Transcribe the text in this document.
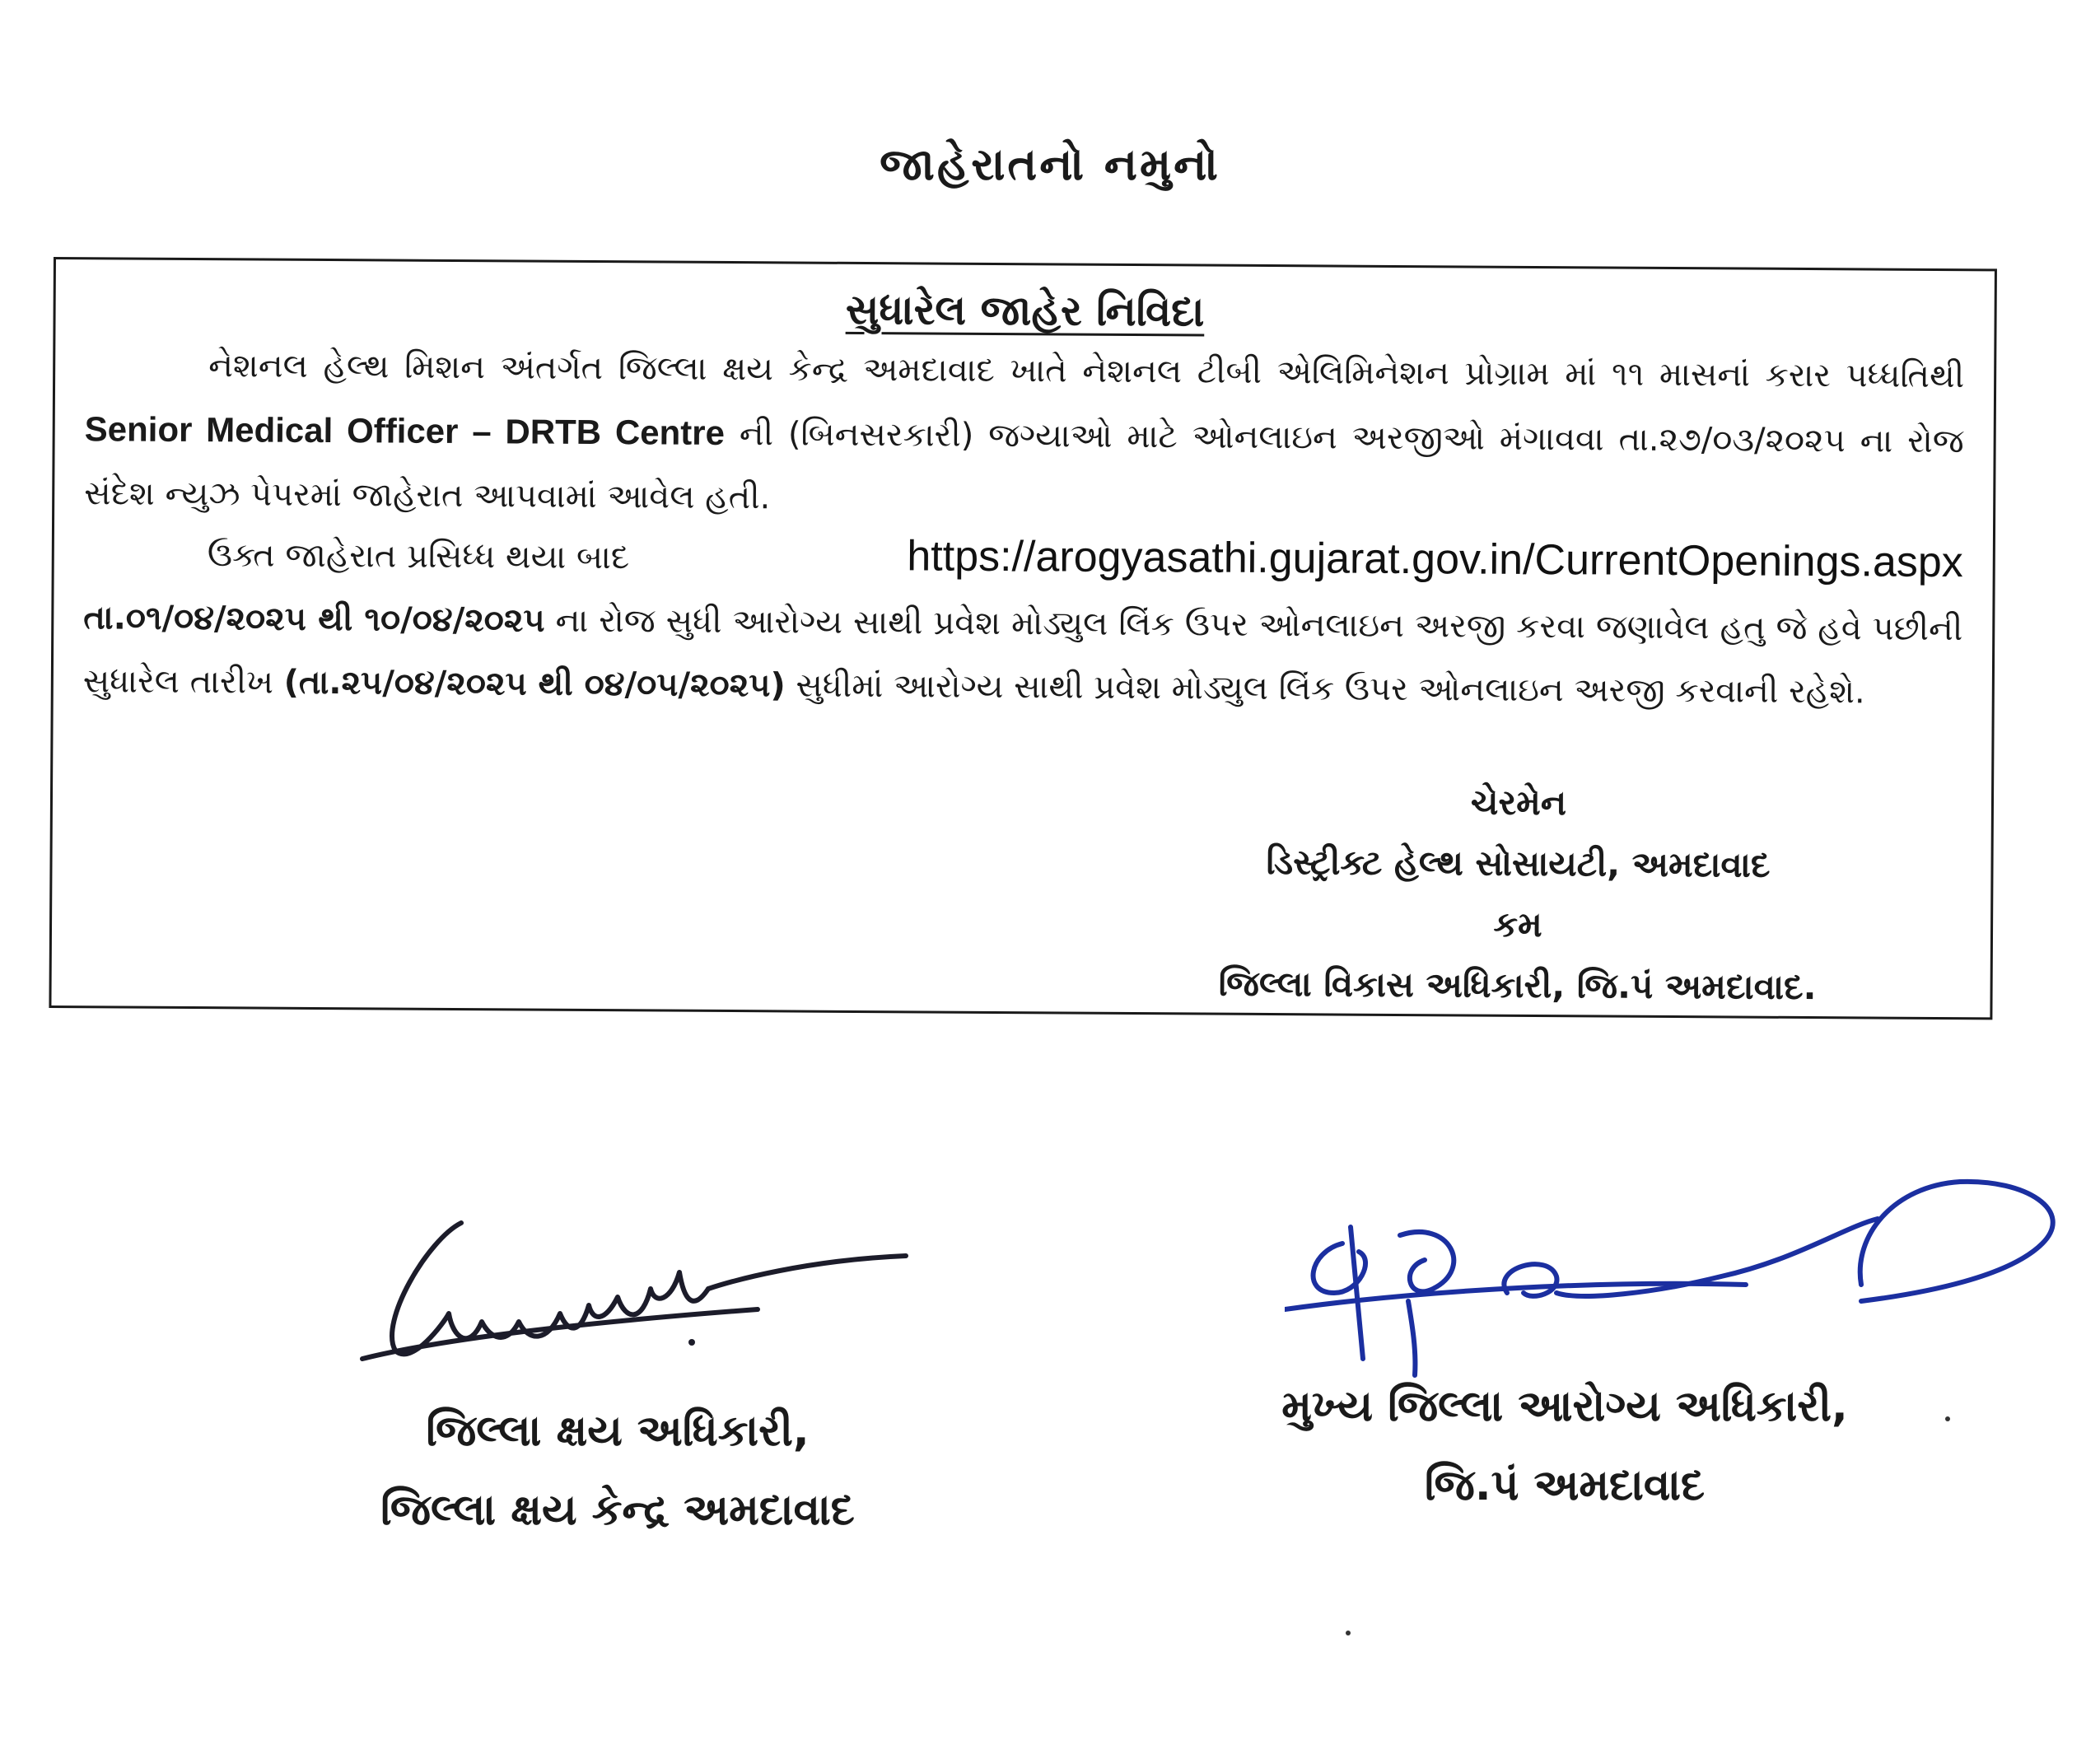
જાહેરાતનો નમુનો
સુધારેલ જાહેર નિવિદા
નેશનલ હેલ્થ મિશન અંતર્ગત જિલ્લા ક્ષય કેન્દ્ર અમદાવાદ ખાતે નેશનલ ટીબી એલિમિનેશન પ્રોગ્રામ માં ૧૧ માસનાં કરાર પધ્ધતિથી Senior Medical Officer – DRTB Centre ની (બિનસરકારી) જગ્યાઓ માટે ઓનલાઇન અરજીઓ મંગાવવા તા.૨૭/૦૩/૨૦૨૫ ના રોજ સંદેશ ન્યુઝ પેપરમાં જાહેરાત આપવામાં આવેલ હતી.
ઉક્ત જાહેરાત પ્રસિધ્ધ થયા બાદ	https://arogyasathi.gujarat.gov.in/CurrentOpenings.aspx

તા.૦૧/૦૪/૨૦૨૫ થી ૧૦/૦૪/૨૦૨૫ ના રોજ સુધી આરોગ્ય સાથી પ્રવેશ મોડ્યુલ લિંક ઉપર ઓનલાઇન અરજી કરવા જણાવેલ હતુ જે હવે પછીની સુધારેલ તારીખ (તા.૨૫/૦૪/૨૦૨૫ થી ૦૪/૦૫/૨૦૨૫) સુધીમાં આરોગ્ય સાથી પ્રવેશ મોડ્યુલ લિંક ઉપર ઓનલાઇન અરજી કરવાની રહેશે.
ચેરમેન
ડિસ્ટ્રીક્ટ હેલ્થ સોસાયટી, અમદાવાદ
કમ
જિલ્લા વિકાસ અધિકારી, જિ.પં અમદાવાદ.
જિલ્લા ક્ષય અધિકારી,
જિલ્લા ક્ષય કેન્દ્ર અમદાવાદ
મુખ્ય જિલ્લા આરોગ્ય અધિકારી,
જિ.પં અમદાવાદ
